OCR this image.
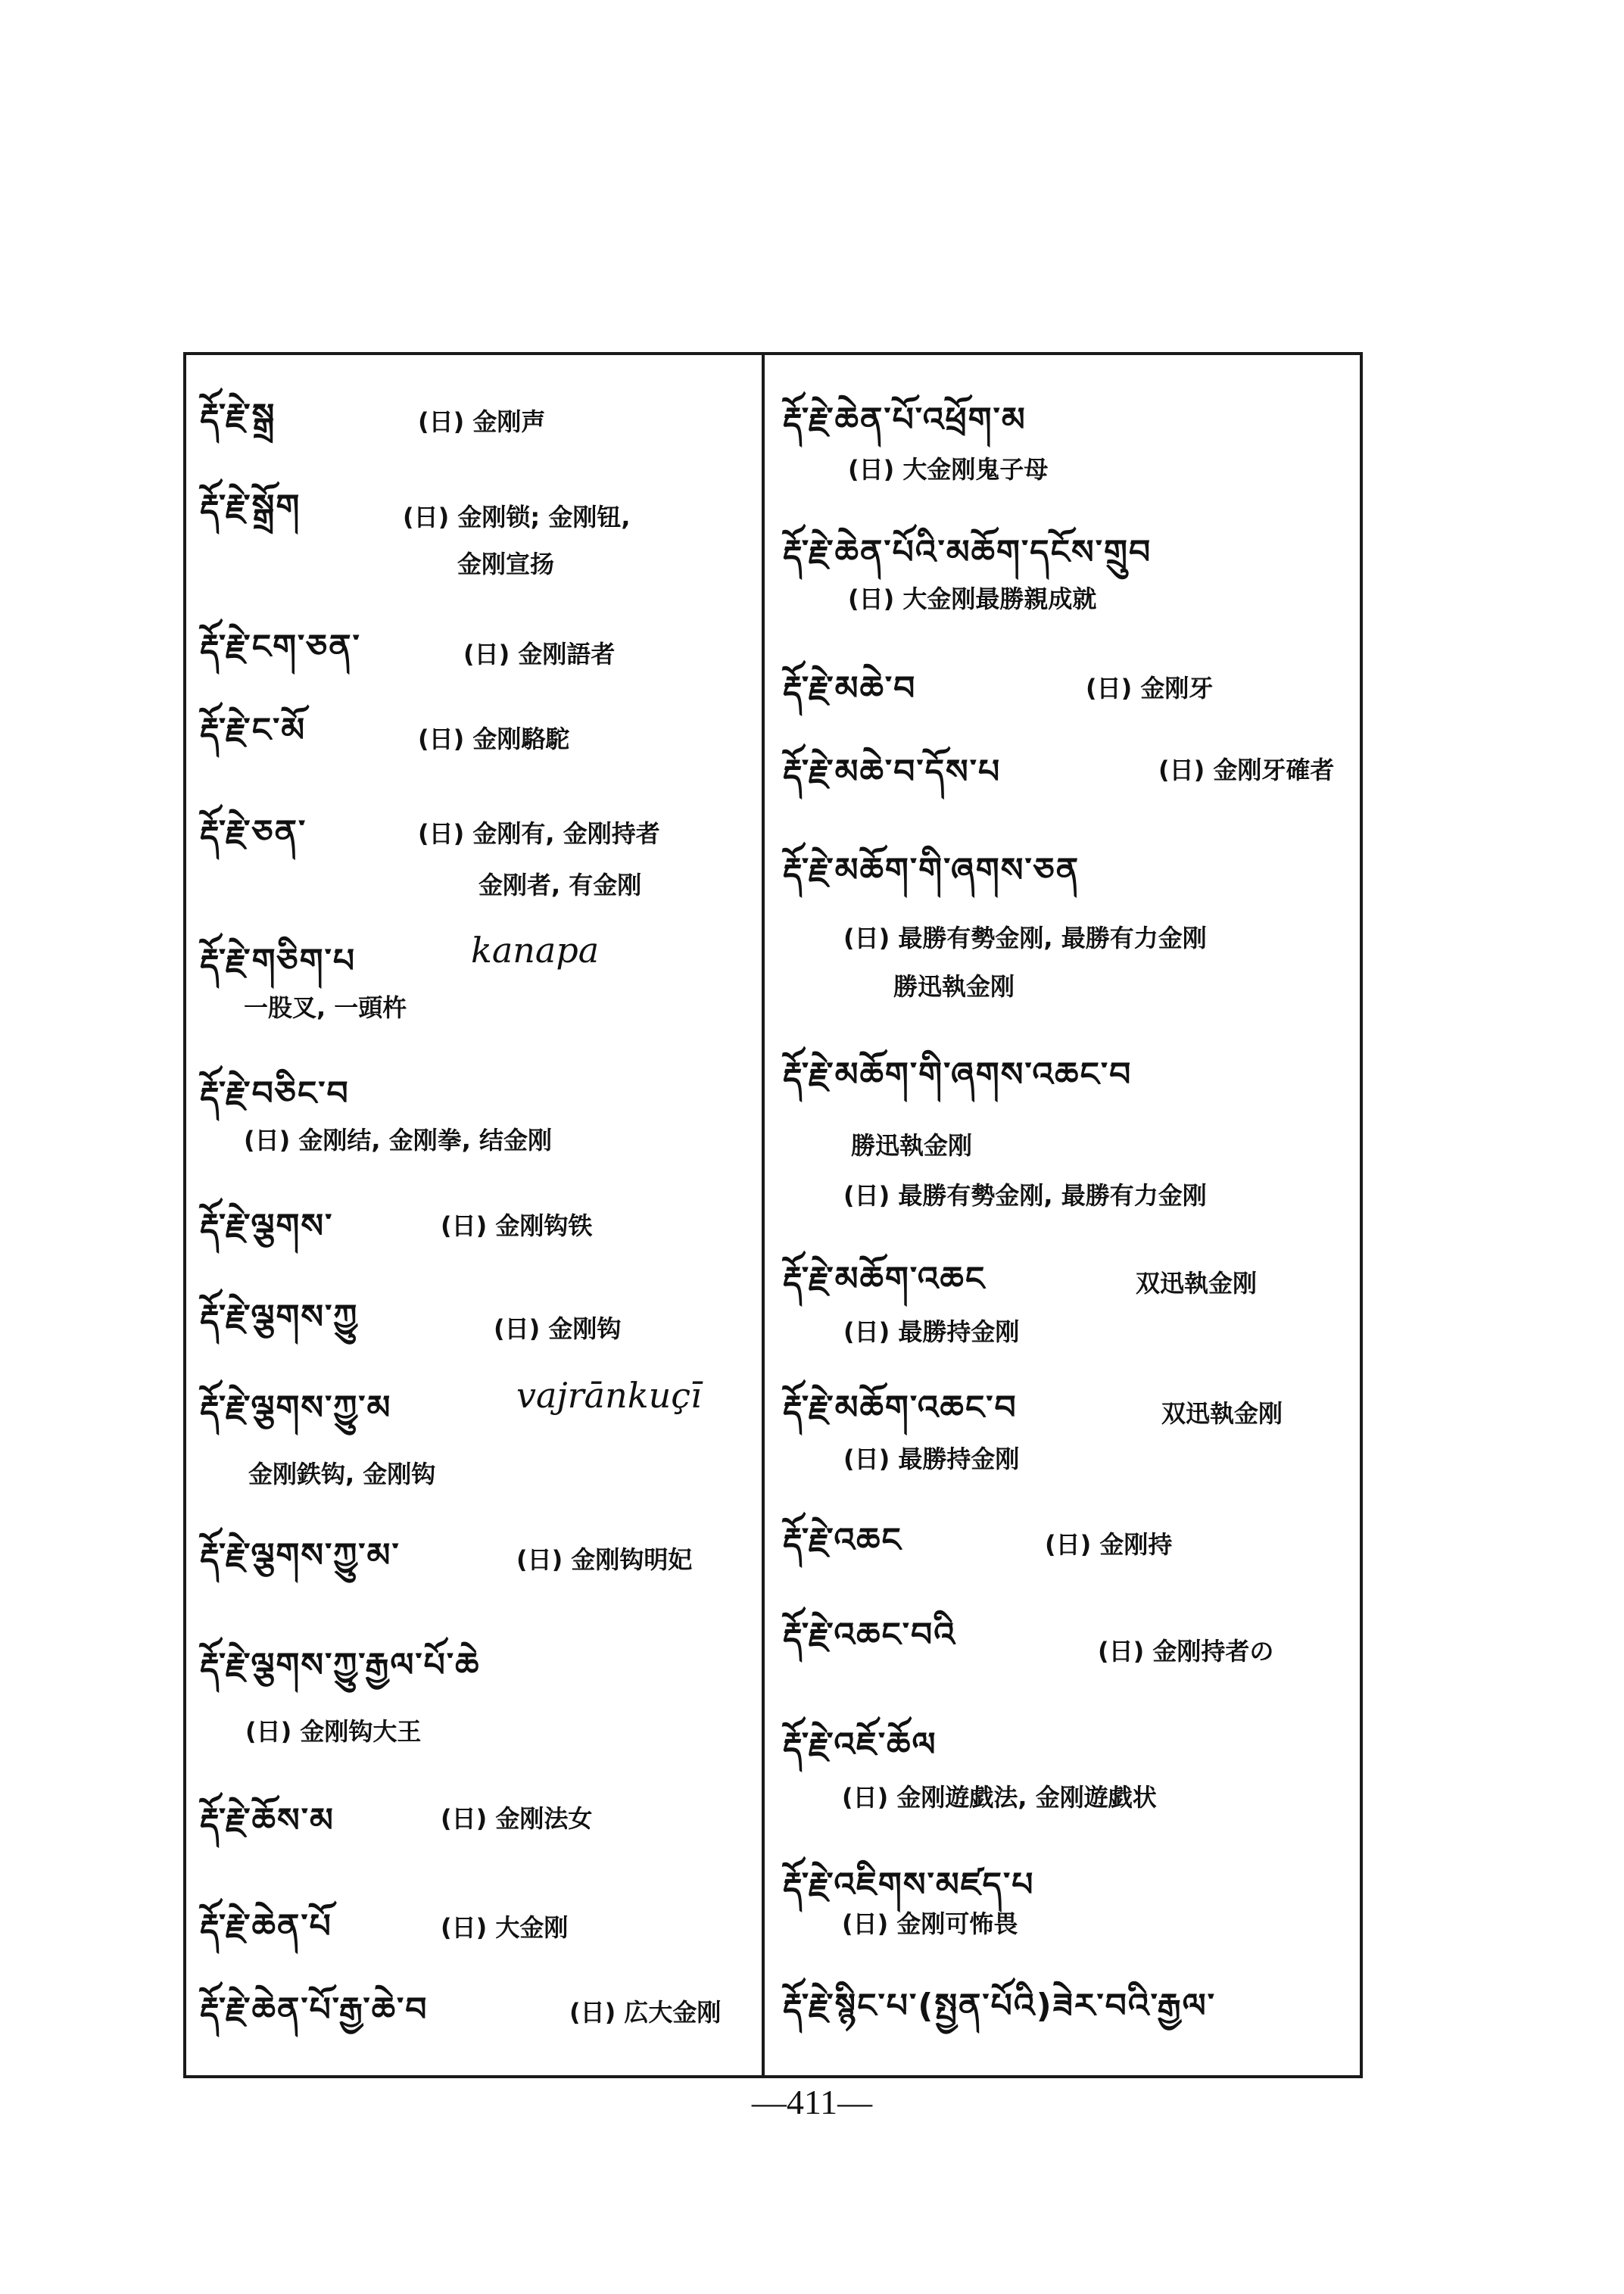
རྡོ་རྗེ་སྒྲ	(日) 金刚声
རྡོ་རྗེ་སྒྲོག	(日) 金刚锁; 金刚钮,
金刚宣扬
རྡོ་རྗེ་ངག་ཅན་	(日) 金刚語者
རྡོ་རྗེ་ང་མོ	(日) 金刚駱駝
རྡོ་རྗེ་ཅན་	(日) 金刚有, 金刚持者
金刚者, 有金刚
རྡོ་རྗེ་གཅིག་པ	kanapa
一股叉, 一頭杵
རྡོ་རྗེ་བཅིང་བ
(日) 金刚结, 金刚拳, 结金刚
རྡོ་རྗེ་ལྕགས་	(日) 金刚钩铁
རྡོ་རྗེ་ལྕགས་ཀྱུ	(日) 金刚钩
རྡོ་རྗེ་ལྕགས་ཀྱུ་མ	vajrānkuçī
金刚鉄钩, 金刚钩
རྡོ་རྗེ་ལྕགས་ཀྱུ་མ་	(日) 金刚钩明妃
རྡོ་རྗེ་ལྕགས་ཀྱུ་རྒྱལ་པོ་ཆེ
(日) 金刚钩大王
རྡོ་རྗེ་ཆོས་མ	(日) 金刚法女
རྡོ་རྗེ་ཆེན་པོ	(日) 大金刚
རྡོ་རྗེ་ཆེན་པོ་རྒྱ་ཆེ་བ	(日) 広大金刚
རྡོ་རྗེ་ཆེན་པོ་འཕྲོག་མ
(日) 大金刚鬼子母
རྡོ་རྗེ་ཆེན་པོའི་མཆོག་དངོས་གྲུབ
(日) 大金刚最勝親成就
རྡོ་རྗེ་མཆེ་བ	(日) 金刚牙
རྡོ་རྗེ་མཆེ་བ་དོས་པ	(日) 金刚牙確者
རྡོ་རྗེ་མཆོག་གི་ཞགས་ཅན
(日) 最勝有勢金刚, 最勝有力金刚
勝迅執金刚
རྡོ་རྗེ་མཆོག་གི་ཞགས་འཆང་བ
勝迅執金刚
(日) 最勝有勢金刚, 最勝有力金刚
རྡོ་རྗེ་མཆོག་འཆང	双迅執金刚
(日) 最勝持金刚
རྡོ་རྗེ་མཆོག་འཆང་བ	双迅執金刚
(日) 最勝持金刚
རྡོ་རྗེ་འཆང	(日) 金刚持
རྡོ་རྗེ་འཆང་བའི	(日) 金刚持者の
རྡོ་རྗེ་འཇོ་ཆོལ
(日) 金刚遊戯法, 金刚遊戯状
རྡོ་རྗེ་འཇིགས་མཛད་པ
(日) 金刚可怖畏
རྡོ་རྗེ་སྙིང་པ་(སྤྱན་པོའི)ཟེར་བའི་རྒྱལ་
—411—
